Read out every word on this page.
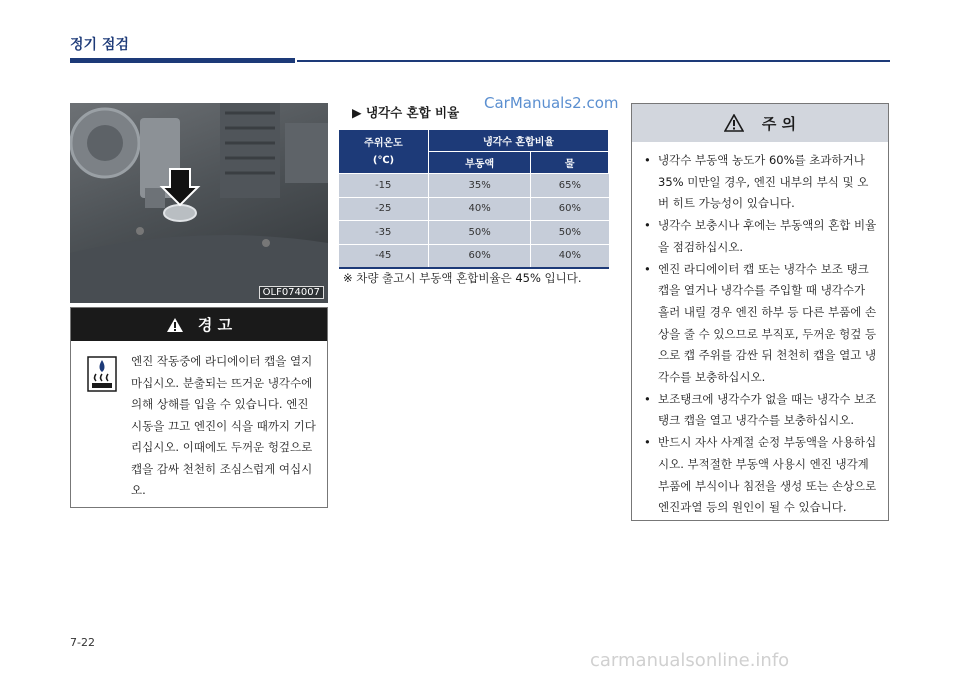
정기 점검
OLF074007
경 고
엔진 작동중에 라디에이터 캡을 열지 마십시오. 분출되는 뜨거운 냉각수에 의해 상해를 입을 수 있습니다. 엔진 시동을 끄고 엔진이 식을 때까지 기다리십시오. 이때에도 두꺼운 헝겊으로 캡을 감싸 천천히 조심스럽게 여십시오.
▶ 냉각수 혼합 비율
CarManuals2.com
주위온도
(℃)	냉각수 혼합비율	
	부동액	물
-15	35%	65%
-25	40%	60%
-35	50%	50%
-45	60%	40%
※ 차량 출고시 부동액 혼합비율은 45% 입니다.
주 의
• 냉각수 부동액 농도가 60%를 초과하거나 35% 미만일 경우, 엔진 내부의 부식 및 오버 히트 가능성이 있습니다.
• 냉각수 보충시나 후에는 부동액의 혼합 비율을 점검하십시오.
• 엔진 라디에이터 캡 또는 냉각수 보조 탱크 캡을 열거나 냉각수를 주입할 때 냉각수가 흘러 내릴 경우 엔진 하부 등 다른 부품에 손상을 줄 수 있으므로 부직포, 두꺼운 헝겊 등으로 캡 주위를 감싼 뒤 천천히 캡을 열고 냉각수를 보충하십시오.
• 보조탱크에 냉각수가 없을 때는 냉각수 보조 탱크 캡을 열고 냉각수를 보충하십시오.
• 반드시 자사 사계절 순정 부동액을 사용하십시오. 부적절한 부동액 사용시 엔진 냉각계 부품에 부식이나 침전을 생성 또는 손상으로 엔진과열 등의 원인이 될 수 있습니다.
7-22
carmanualsonline.info
